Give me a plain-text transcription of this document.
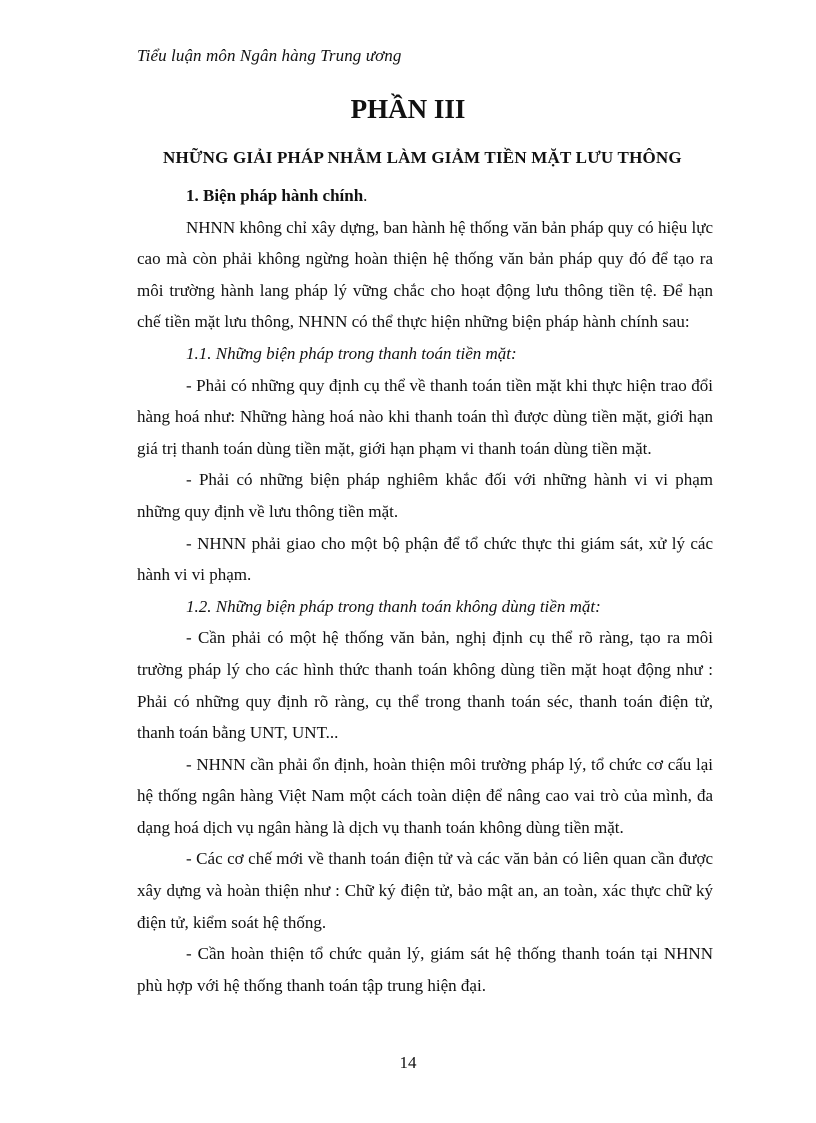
Tiểu luận môn Ngân hàng Trung ương
PHẦN III
NHỮNG GIẢI PHÁP NHẰM LÀM GIẢM TIỀN MẶT LƯU THÔNG

1. Biện pháp hành chính.

NHNN không chỉ xây dựng, ban hành hệ thống văn bản pháp quy có hiệu lực cao mà còn phải không ngừng hoàn thiện hệ thống văn bản pháp quy đó để tạo ra môi trường hành lang pháp lý vững chắc cho hoạt động lưu thông tiền tệ. Để hạn chế tiền mặt lưu thông, NHNN có thể thực hiện những biện pháp hành chính sau:

1.1. Những biện pháp trong thanh toán tiền mặt:

- Phải có những quy định cụ thể về thanh toán tiền mặt khi thực hiện trao đổi hàng hoá như: Những hàng hoá nào khi thanh toán thì được dùng tiền mặt, giới hạn giá trị thanh toán dùng tiền mặt, giới hạn phạm vi thanh toán dùng tiền mặt.

- Phải có những biện pháp nghiêm khắc đối với những hành vi vi phạm những quy định về lưu thông tiền mặt.

- NHNN phải giao cho một bộ phận để tổ chức thực thi giám sát, xử lý các hành vi vi phạm.

1.2. Những biện pháp trong thanh toán không dùng tiền mặt:

- Cần phải có một hệ thống văn bản, nghị định cụ thể rõ ràng, tạo ra môi trường pháp lý cho các hình thức thanh toán không dùng tiền mặt hoạt động như : Phải có những quy định rõ ràng, cụ thể trong thanh toán séc, thanh toán điện tử, thanh toán bằng UNT, UNT...

- NHNN cần phải ổn định, hoàn thiện môi trường pháp lý, tổ chức cơ cấu lại hệ thống ngân hàng Việt Nam một cách toàn diện để nâng cao vai trò của mình, đa dạng hoá dịch vụ ngân hàng là dịch vụ thanh toán không dùng tiền mặt.

- Các cơ chế mới về thanh toán điện tử và các văn bản có liên quan cần được xây dựng và hoàn thiện như : Chữ ký điện tử, bảo mật an, an toàn, xác thực chữ ký điện tử, kiểm soát hệ thống.

- Cần hoàn thiện tổ chức quản lý, giám sát hệ thống thanh toán tại NHNN phù hợp với hệ thống thanh toán tập trung hiện đại.

14
